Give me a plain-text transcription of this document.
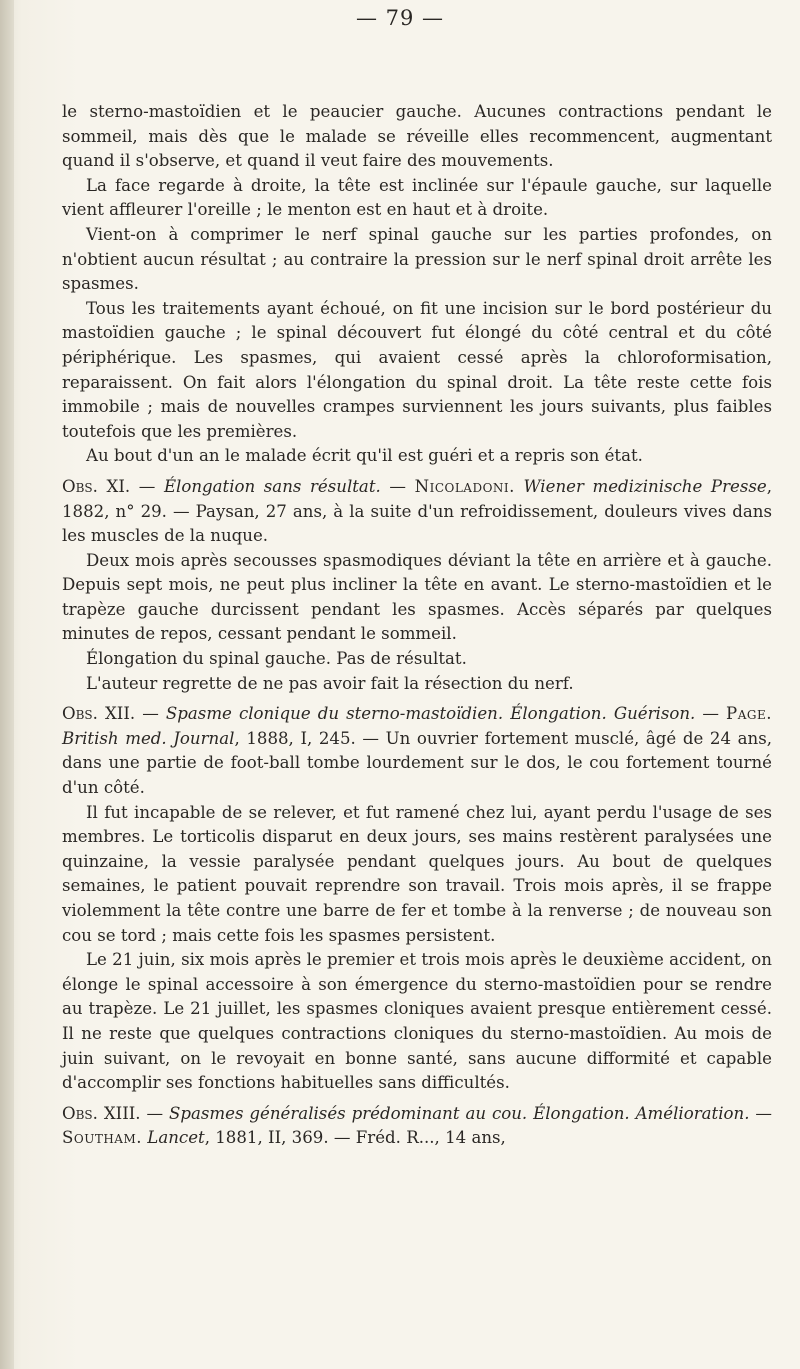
— 79 —

le sterno-mastoïdien et le peaucier gauche. Aucunes contractions pendant le sommeil, mais dès que le malade se réveille elles recommencent, augmentant quand il s'observe, et quand il veut faire des mouvements.

La face regarde à droite, la tête est inclinée sur l'épaule gauche, sur laquelle vient affleurer l'oreille ; le menton est en haut et à droite.

Vient-on à comprimer le nerf spinal gauche sur les parties profondes, on n'obtient aucun résultat ; au contraire la pression sur le nerf spinal droit arrête les spasmes.

Tous les traitements ayant échoué, on fit une incision sur le bord postérieur du mastoïdien gauche ; le spinal découvert fut élongé du côté central et du côté périphérique. Les spasmes, qui avaient cessé après la chloroformisation, reparaissent. On fait alors l'élongation du spinal droit. La tête reste cette fois immobile ; mais de nouvelles crampes surviennent les jours suivants, plus faibles toutefois que les premières.

Au bout d'un an le malade écrit qu'il est guéri et a repris son état.

Obs. XI. — Élongation sans résultat. — Nicoladoni. Wiener medizinische Presse, 1882, n° 29. — Paysan, 27 ans, à la suite d'un refroidissement, douleurs vives dans les muscles de la nuque.

Deux mois après secousses spasmodiques déviant la tête en arrière et à gauche. Depuis sept mois, ne peut plus incliner la tête en avant. Le sterno-mastoïdien et le trapèze gauche durcissent pendant les spasmes. Accès séparés par quelques minutes de repos, cessant pendant le sommeil.

Élongation du spinal gauche. Pas de résultat.

L'auteur regrette de ne pas avoir fait la résection du nerf.

Obs. XII. — Spasme clonique du sterno-mastoïdien. Élongation. Guérison. — Page. British med. Journal, 1888, I, 245. — Un ouvrier fortement musclé, âgé de 24 ans, dans une partie de foot-ball tombe lourdement sur le dos, le cou fortement tourné d'un côté.

Il fut incapable de se relever, et fut ramené chez lui, ayant perdu l'usage de ses membres. Le torticolis disparut en deux jours, ses mains restèrent paralysées une quinzaine, la vessie paralysée pendant quelques jours. Au bout de quelques semaines, le patient pouvait reprendre son travail. Trois mois après, il se frappe violemment la tête contre une barre de fer et tombe à la renverse ; de nouveau son cou se tord ; mais cette fois les spasmes persistent.

Le 21 juin, six mois après le premier et trois mois après le deuxième accident, on élonge le spinal accessoire à son émergence du sterno-mastoïdien pour se rendre au trapèze. Le 21 juillet, les spasmes cloniques avaient presque entièrement cessé. Il ne reste que quelques contractions cloniques du sterno-mastoïdien. Au mois de juin suivant, on le revoyait en bonne santé, sans aucune difformité et capable d'accomplir ses fonctions habituelles sans difficultés.

Obs. XIII. — Spasmes généralisés prédominant au cou. Élongation. Amélioration. — Southam. Lancet, 1881, II, 369. — Fréd. R..., 14 ans,
